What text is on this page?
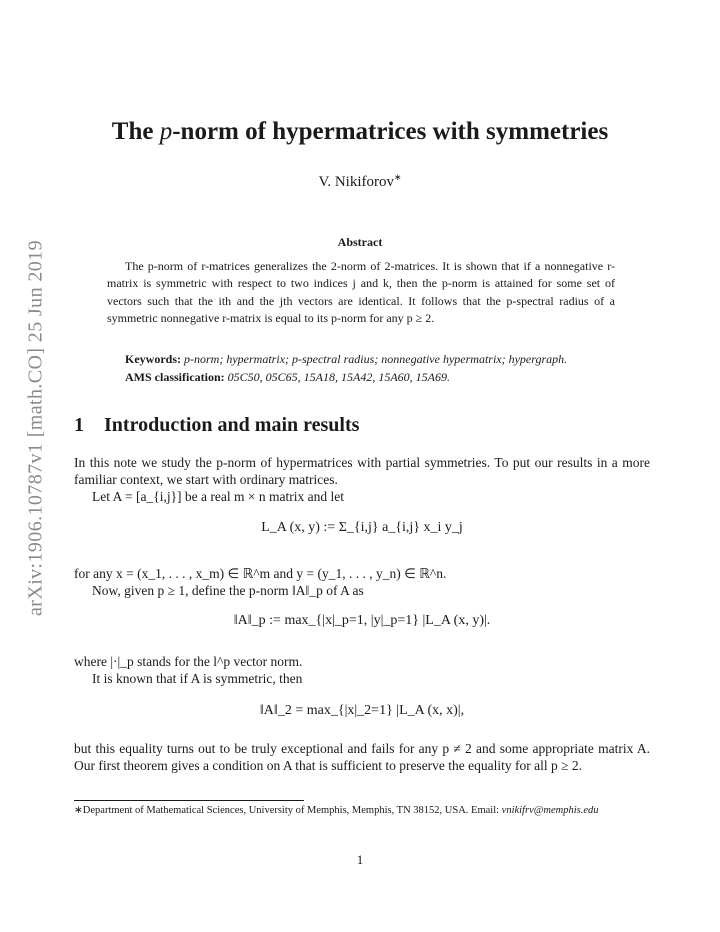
arXiv:1906.10787v1 [math.CO] 25 Jun 2019
The p-norm of hypermatrices with symmetries
V. Nikiforov∗
Abstract

The p-norm of r-matrices generalizes the 2-norm of 2-matrices. It is shown that if a nonnegative r-matrix is symmetric with respect to two indices j and k, then the p-norm is attained for some set of vectors such that the ith and the jth vectors are identical. It follows that the p-spectral radius of a symmetric nonnegative r-matrix is equal to its p-norm for any p ≥ 2.

Keywords: p-norm; hypermatrix; p-spectral radius; nonnegative hypermatrix; hypergraph.
AMS classification: 05C50, 05C65, 15A18, 15A42, 15A60, 15A69.
1 Introduction and main results

In this note we study the p-norm of hypermatrices with partial symmetries. To put our results in a more familiar context, we start with ordinary matrices.

Let A = [a_{i,j}] be a real m × n matrix and let

L_A (x, y) := Σ_{i,j} a_{i,j} x_i y_j

for any x = (x_1, . . . , x_m) ∈ ℝ^m and y = (y_1, . . . , y_n) ∈ ℝ^n.

Now, given p ≥ 1, define the p-norm ‖A‖_p of A as

‖A‖_p := max_{|x|_p=1, |y|_p=1} |L_A (x, y)|.

where |·|_p stands for the l^p vector norm.

It is known that if A is symmetric, then

‖A‖_2 = max_{|x|_2=1} |L_A (x, x)|,

but this equality turns out to be truly exceptional and fails for any p ≠ 2 and some appropriate matrix A. Our first theorem gives a condition on A that is sufficient to preserve the equality for all p ≥ 2.

∗Department of Mathematical Sciences, University of Memphis, Memphis, TN 38152, USA. Email: vnikifrv@memphis.edu

1
